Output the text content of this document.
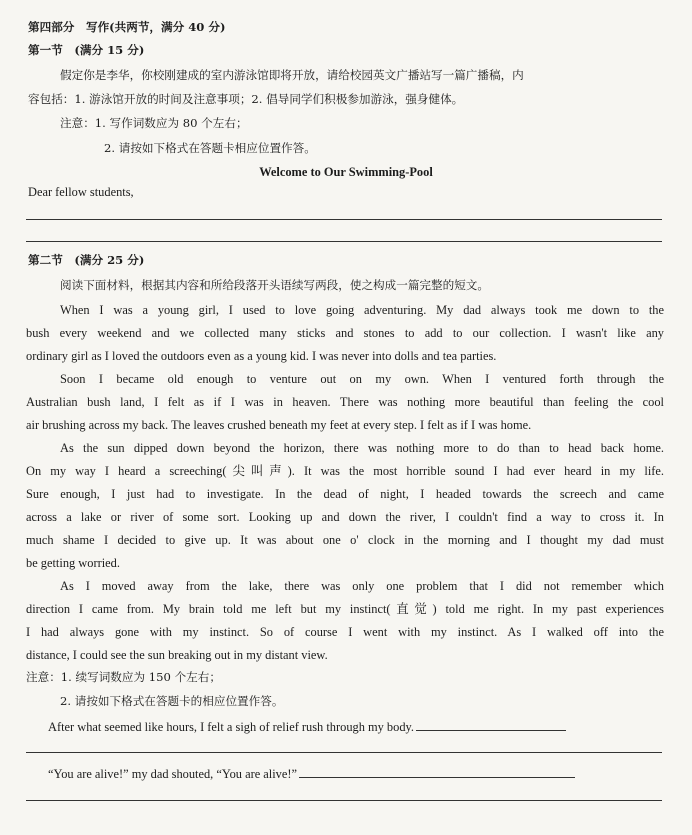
第四部分　写作(共两节，满分 40 分)
第一节　(满分 15 分)
假定你是李华，你校刚建成的室内游泳馆即将开放，请给校园英文广播站写一篇广播稿，内
容包括：1. 游泳馆开放的时间及注意事项；2. 倡导同学们积极参加游泳，强身健体。
注意：1. 写作词数应为 80 个左右；
2. 请按如下格式在答题卡相应位置作答。
Welcome to Our Swimming-Pool
Dear fellow students,
第二节　(满分 25 分)
阅读下面材料，根据其内容和所给段落开头语续写两段，使之构成一篇完整的短文。
When I was a young girl, I used to love going adventuring. My dad always took me down to the
bush every weekend and we collected many sticks and stones to add to our collection. I wasn't like any
ordinary girl as I loved the outdoors even as a young kid. I was never into dolls and tea parties.
Soon I became old enough to venture out on my own. When I ventured forth through the
Australian bush land, I felt as if I was in heaven. There was nothing more beautiful than feeling the cool
air brushing across my back. The leaves crushed beneath my feet at every step. I felt as if I was home.
As the sun dipped down beyond the horizon, there was nothing more to do than to head back home.
On my way I heard a screeching(尖叫声). It was the most horrible sound I had ever heard in my life.
Sure enough, I just had to investigate. In the dead of night, I headed towards the screech and came
across a lake or river of some sort. Looking up and down the river, I couldn't find a way to cross it. In
much shame I decided to give up. It was about one o' clock in the morning and I thought my dad must
be getting worried.
As I moved away from the lake, there was only one problem that I did not remember which
direction I came from. My brain told me left but my instinct(直觉) told me right. In my past experiences
I had always gone with my instinct. So of course I went with my instinct. As I walked off into the
distance, I could see the sun breaking out in my distant view.
注意：1. 续写词数应为 150 个左右；
2. 请按如下格式在答题卡的相应位置作答。
After what seemed like hours, I felt a sigh of relief rush through my body.
“You are alive!” my dad shouted, “You are alive!”
